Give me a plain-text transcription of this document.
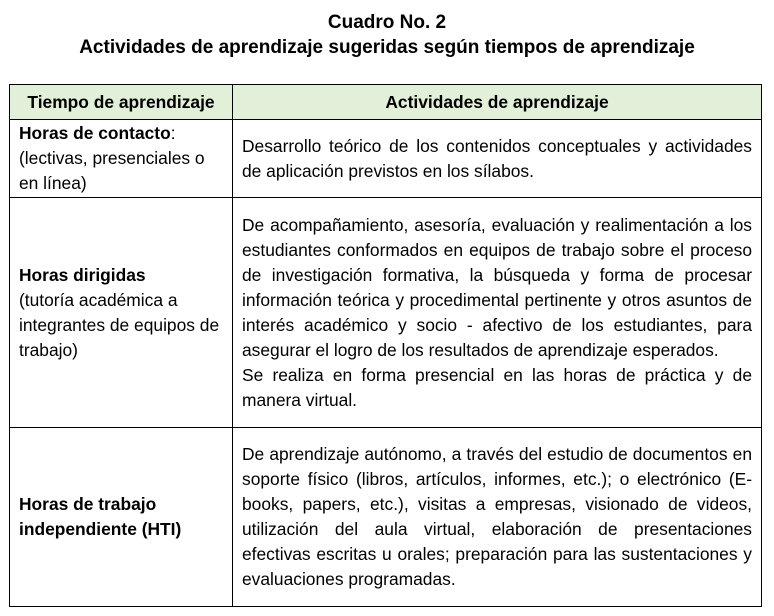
Cuadro No. 2
Actividades de aprendizaje sugeridas según tiempos de aprendizaje
Tiempo de aprendizaje	Actividades de aprendizaje
Horas de contacto:
(lectivas, presenciales o en línea)	Desarrollo teórico de los contenidos conceptuales y actividades de aplicación previstos en los sílabos.

Horas dirigidas
(tutoría académica a integrantes de equipos de trabajo)	De acompañamiento, asesoría, evaluación y realimentación a los estudiantes conformados en equipos de trabajo sobre el proceso de investigación formativa, la búsqueda y forma de procesar información teórica y procedimental pertinente y otros asuntos de interés académico y socio - afectivo de los estudiantes, para asegurar el logro de los resultados de aprendizaje esperados.
Se realiza en forma presencial en las horas de práctica y de manera virtual.

Horas de trabajo independiente (HTI)	De aprendizaje autónomo, a través del estudio de documentos en soporte físico (libros, artículos, informes, etc.); o electrónico (E-books, papers, etc.), visitas a empresas, visionado de videos, utilización del aula virtual, elaboración de presentaciones efectivas escritas u orales; preparación para las sustentaciones y evaluaciones programadas.
